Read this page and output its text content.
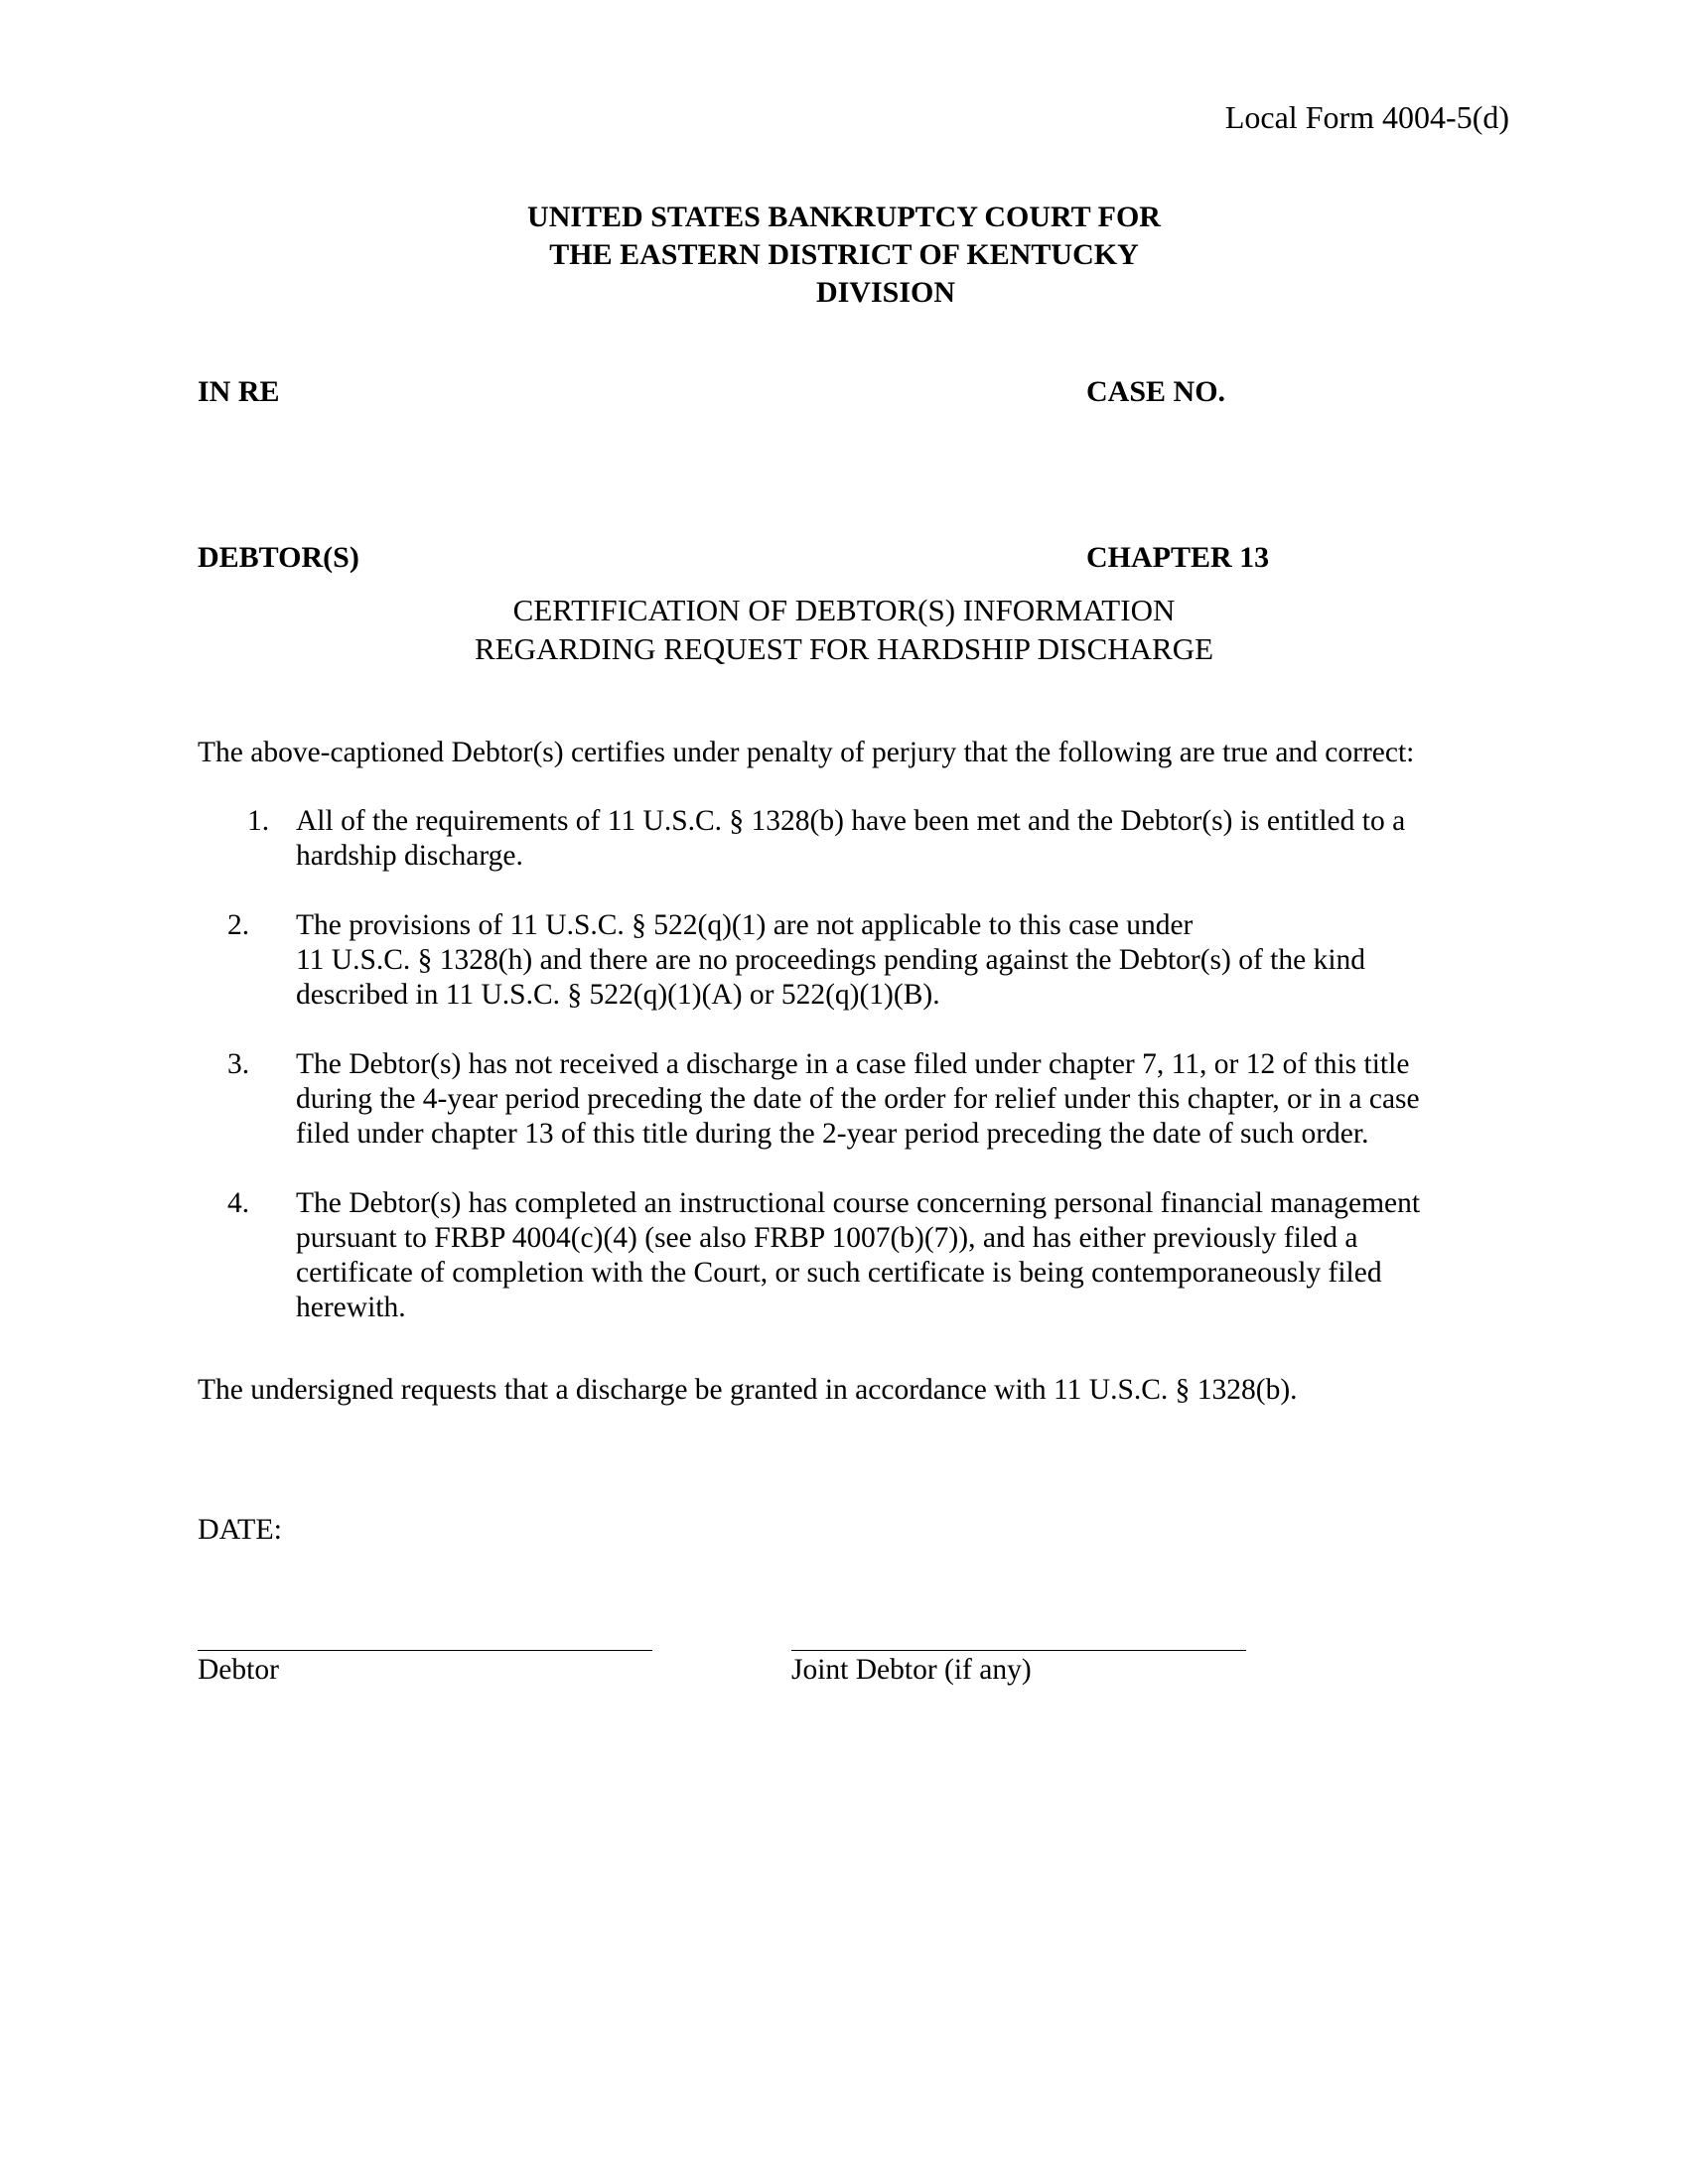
Local Form 4004-5(d)
UNITED STATES BANKRUPTCY COURT FOR
THE EASTERN DISTRICT OF KENTUCKY
DIVISION
IN RE	CASE NO.
DEBTOR(S)	CHAPTER 13
CERTIFICATION OF DEBTOR(S) INFORMATION
REGARDING REQUEST FOR HARDSHIP DISCHARGE
The above-captioned Debtor(s) certifies under penalty of perjury that the following are true and correct:
1. All of the requirements of 11 U.S.C. § 1328(b) have been met and the Debtor(s) is entitled to a
hardship discharge.
2. The provisions of 11 U.S.C. § 522(q)(1) are not applicable to this case under
11 U.S.C. § 1328(h) and there are no proceedings pending against the Debtor(s) of the kind
described in 11 U.S.C. § 522(q)(1)(A) or 522(q)(1)(B).
3. The Debtor(s) has not received a discharge in a case filed under chapter 7, 11, or 12 of this title
during the 4-year period preceding the date of the order for relief under this chapter, or in a case
filed under chapter 13 of this title during the 2-year period preceding the date of such order.
4. The Debtor(s) has completed an instructional course concerning personal financial management
pursuant to FRBP 4004(c)(4) (see also FRBP 1007(b)(7)), and has either previously filed a
certificate of completion with the Court, or such certificate is being contemporaneously filed
herewith.
The undersigned requests that a discharge be granted in accordance with 11 U.S.C. § 1328(b).
DATE:
Debtor	Joint Debtor (if any)
